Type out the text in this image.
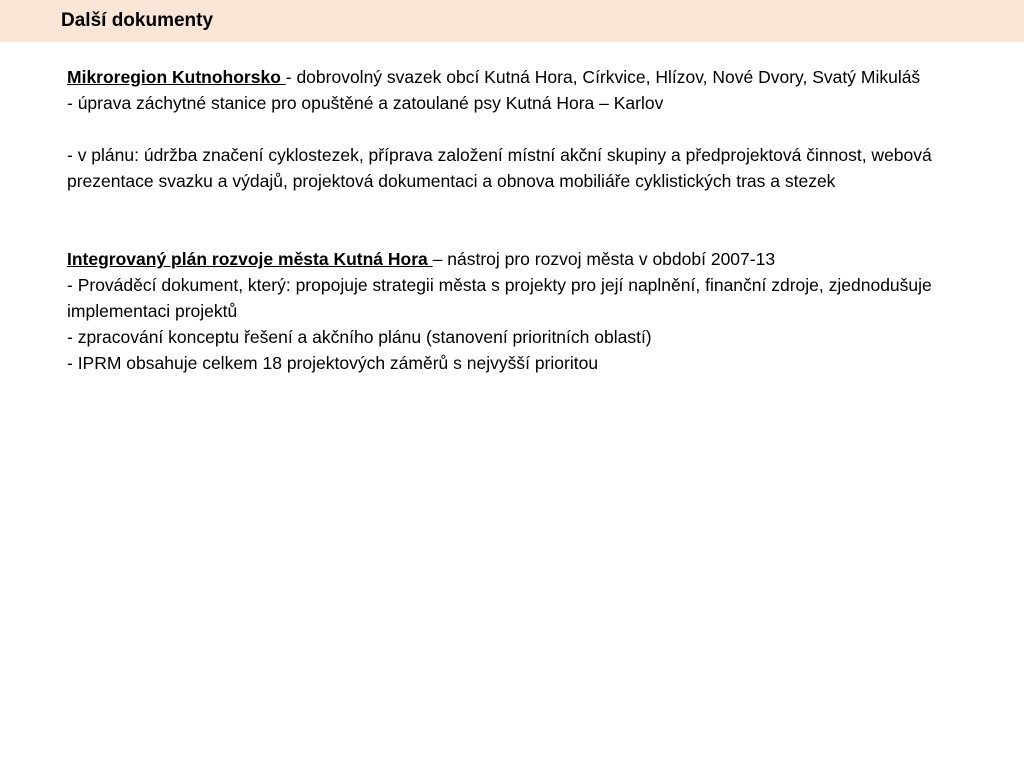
Další dokumenty

Mikroregion Kutnohorsko - dobrovolný svazek obcí Kutná Hora, Církvice, Hlízov, Nové Dvory, Svatý Mikuláš

- úprava záchytné stanice pro opuštěné a zatoulané psy Kutná Hora – Karlov

- v plánu: údržba značení cyklostezek, příprava založení místní akční skupiny a předprojektová činnost, webová prezentace svazku a výdajů, projektová dokumentaci a obnova mobiliáře cyklistických tras a stezek

Integrovaný plán rozvoje města Kutná Hora – nástroj pro rozvoj města v období 2007-13

- Prováděcí dokument, který: propojuje strategii města s projekty pro její naplnění, finanční zdroje, zjednodušuje implementaci projektů

- zpracování konceptu řešení a akčního plánu (stanovení prioritních oblastí)

- IPRM obsahuje celkem 18 projektových záměrů s nejvyšší prioritou
